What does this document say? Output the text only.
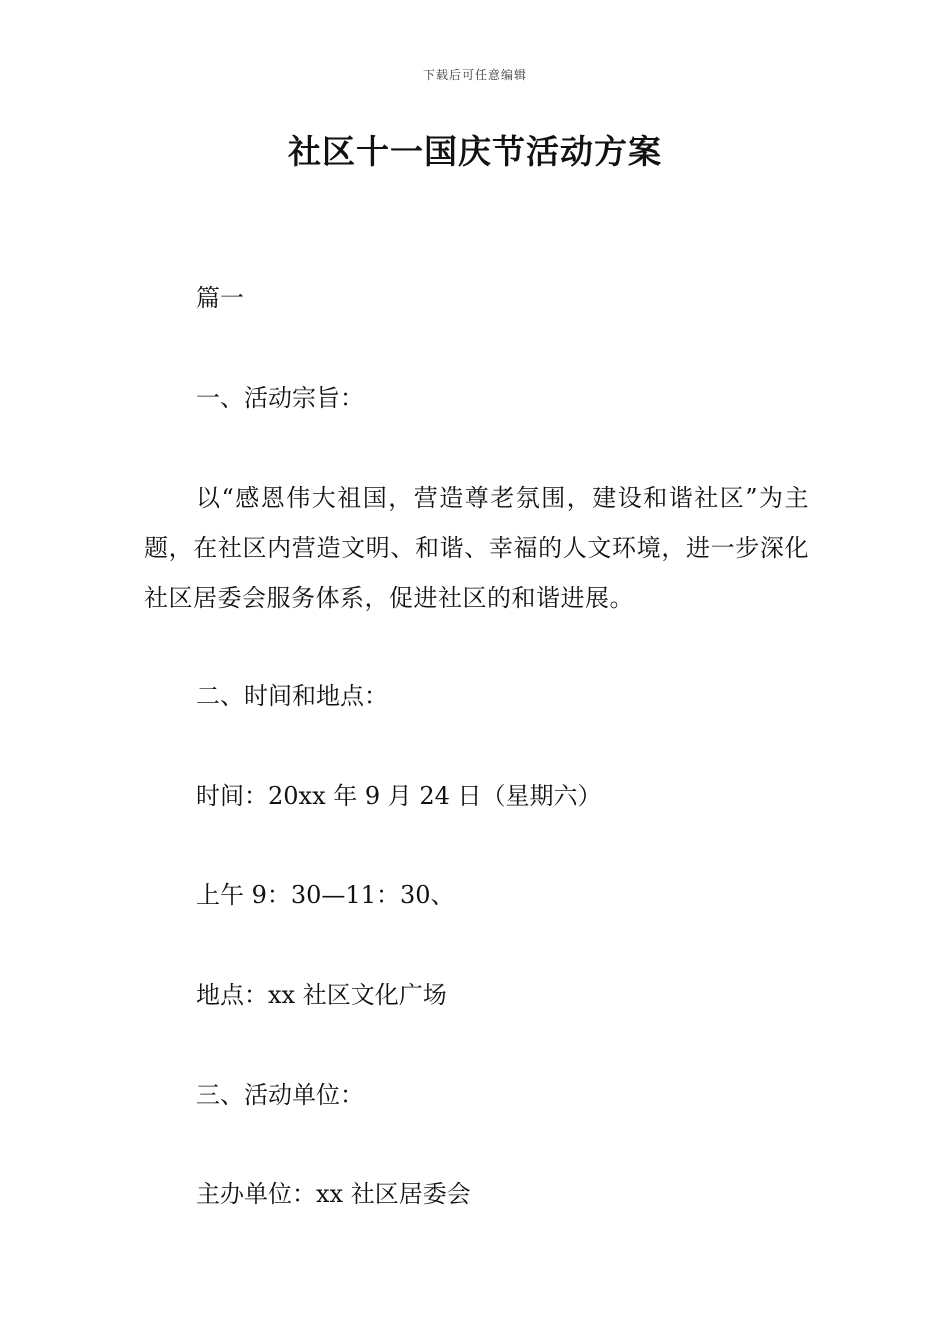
下载后可任意编辑
社区十一国庆节活动方案

篇一

一、活动宗旨：

以“感恩伟大祖国，营造尊老氛围，建设和谐社区”为主题，在社区内营造文明、和谐、幸福的人文环境，进一步深化社区居委会服务体系，促进社区的和谐进展。

二、时间和地点：

时间：20xx 年 9 月 24 日（星期六）

上午 9：30—11：30、

地点：xx 社区文化广场

三、活动单位：

主办单位：xx 社区居委会
